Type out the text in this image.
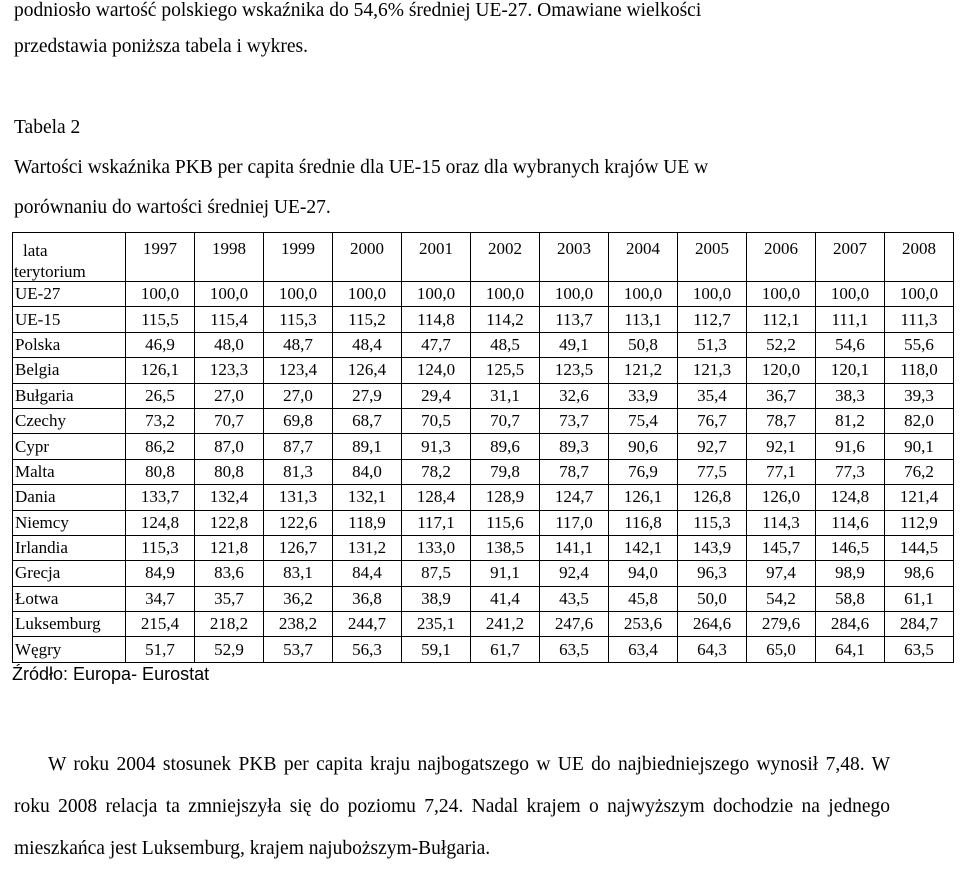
podniosło wartość polskiego wskaźnika do 54,6% średniej UE-27. Omawiane wielkości
przedstawia poniższa tabela i wykres.
Tabela 2
Wartości wskaźnika PKB per capita średnie dla UE-15 oraz dla wybranych krajów UE w
porównaniu do wartości średniej UE-27.
lata
terytorium	1997	1998	1999	2000	2001	2002	2003	2004	2005	2006	2007	2008
UE-27	100,0	100,0	100,0	100,0	100,0	100,0	100,0	100,0	100,0	100,0	100,0	100,0
UE-15	115,5	115,4	115,3	115,2	114,8	114,2	113,7	113,1	112,7	112,1	111,1	111,3
Polska	46,9	48,0	48,7	48,4	47,7	48,5	49,1	50,8	51,3	52,2	54,6	55,6
Belgia	126,1	123,3	123,4	126,4	124,0	125,5	123,5	121,2	121,3	120,0	120,1	118,0
Bułgaria	26,5	27,0	27,0	27,9	29,4	31,1	32,6	33,9	35,4	36,7	38,3	39,3
Czechy	73,2	70,7	69,8	68,7	70,5	70,7	73,7	75,4	76,7	78,7	81,2	82,0
Cypr	86,2	87,0	87,7	89,1	91,3	89,6	89,3	90,6	92,7	92,1	91,6	90,1
Malta	80,8	80,8	81,3	84,0	78,2	79,8	78,7	76,9	77,5	77,1	77,3	76,2
Dania	133,7	132,4	131,3	132,1	128,4	128,9	124,7	126,1	126,8	126,0	124,8	121,4
Niemcy	124,8	122,8	122,6	118,9	117,1	115,6	117,0	116,8	115,3	114,3	114,6	112,9
Irlandia	115,3	121,8	126,7	131,2	133,0	138,5	141,1	142,1	143,9	145,7	146,5	144,5
Grecja	84,9	83,6	83,1	84,4	87,5	91,1	92,4	94,0	96,3	97,4	98,9	98,6
Łotwa	34,7	35,7	36,2	36,8	38,9	41,4	43,5	45,8	50,0	54,2	58,8	61,1
Luksemburg	215,4	218,2	238,2	244,7	235,1	241,2	247,6	253,6	264,6	279,6	284,6	284,7
Węgry	51,7	52,9	53,7	56,3	59,1	61,7	63,5	63,4	64,3	65,0	64,1	63,5
Źródło: Europa- Eurostat
W roku 2004 stosunek PKB per capita kraju najbogatszego w UE do najbiedniejszego wynosił 7,48. W roku 2008 relacja ta zmniejszyła się do poziomu 7,24. Nadal krajem o najwyższym dochodzie na jednego mieszkańca jest Luksemburg, krajem najuboższym-Bułgaria.
